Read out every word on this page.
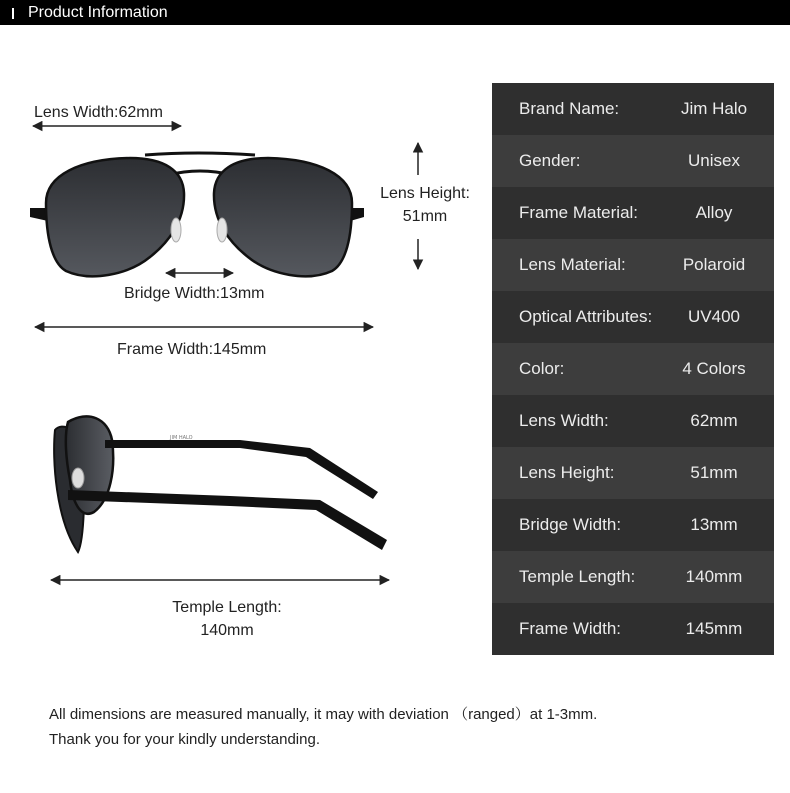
Product Information
Lens Width:62mm
Lens Height:
51mm
Bridge Width:13mm
Frame Width:145mm
JIM HALO
Temple Length:
140mm
Brand Name:	Jim Halo
Gender:	Unisex
Frame Material:	Alloy
Lens Material:	Polaroid
Optical Attributes:	UV400
Color:	4 Colors
Lens Width:	62mm
Lens Height:	51mm
Bridge Width:	13mm
Temple Length:	140mm
Frame Width:	145mm
All dimensions are measured manually, it may with deviation （ranged）at 1-3mm.
Thank you for your kindly understanding.
